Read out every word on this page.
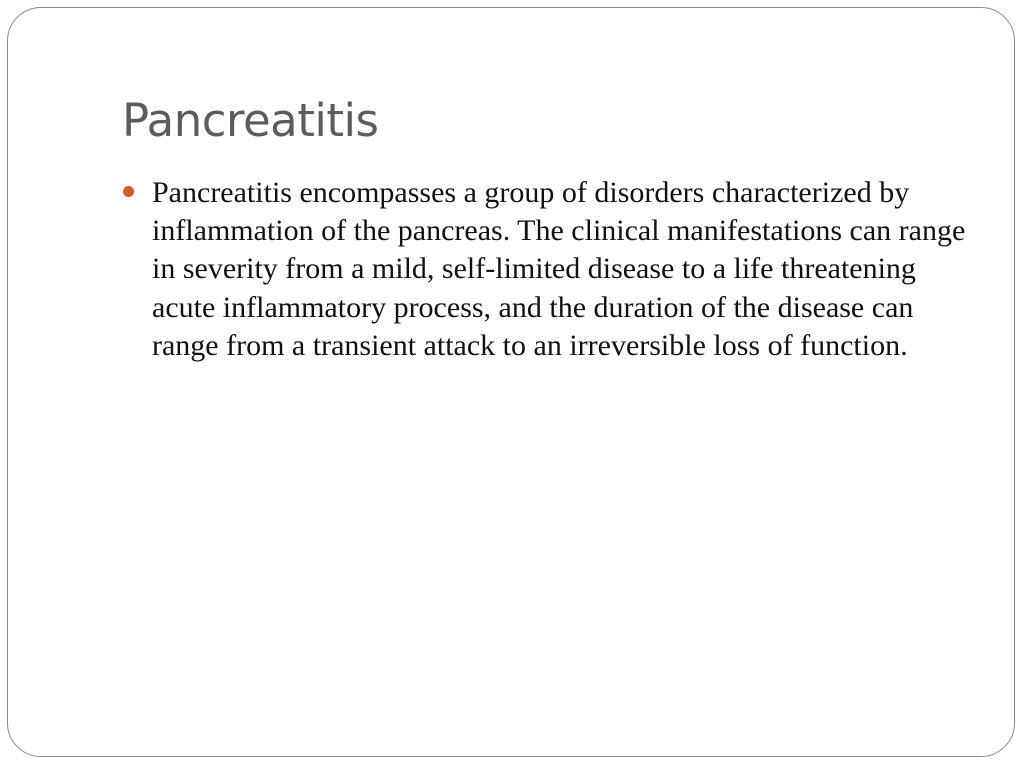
Pancreatitis

Pancreatitis encompasses a group of disorders characterized by inflammation of the pancreas. The clinical manifestations can range in severity from a mild, self-limited disease to a life threatening acute inflammatory process, and the duration of the disease can range from a transient attack to an irreversible loss of function.
